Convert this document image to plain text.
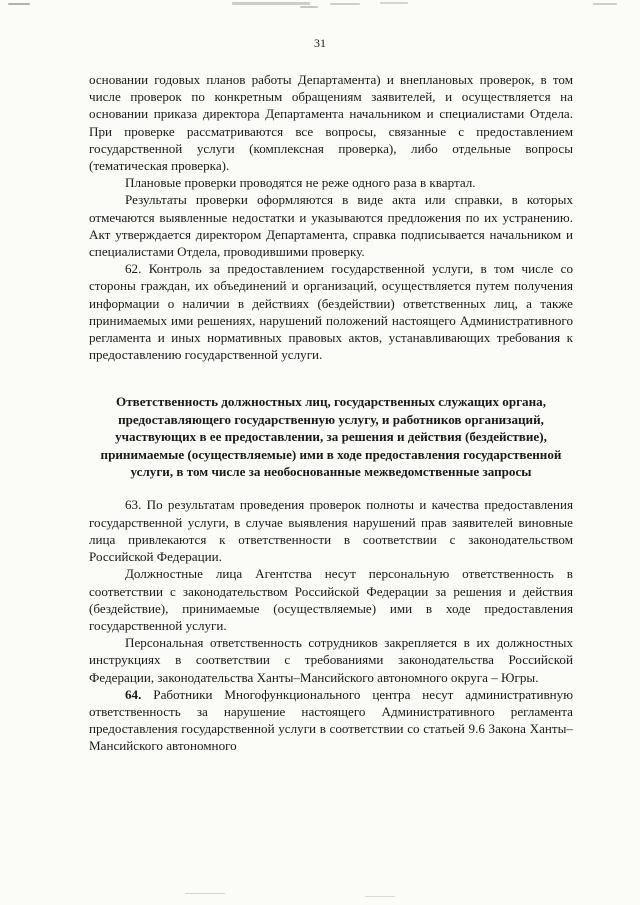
31

основании годовых планов работы Департамента) и внеплановых проверок, в том числе проверок по конкретным обращениям заявителей, и осуществляется на основании приказа директора Департамента начальником и специалистами Отдела. При проверке рассматриваются все вопросы, связанные с предоставлением государственной услуги (комплексная проверка), либо отдельные вопросы (тематическая проверка).

Плановые проверки проводятся не реже одного раза в квартал.

Результаты проверки оформляются в виде акта или справки, в которых отмечаются выявленные недостатки и указываются предложения по их устранению. Акт утверждается директором Департамента, справка подписывается начальником и специалистами Отдела, проводившими проверку.

62. Контроль за предоставлением государственной услуги, в том числе со стороны граждан, их объединений и организаций, осуществляется путем получения информации о наличии в действиях (бездействии) ответственных лиц, а также принимаемых ими решениях, нарушений положений настоящего Административного регламента и иных нормативных правовых актов, устанавливающих требования к предоставлению государственной услуги.

Ответственность должностных лиц, государственных служащих органа, предоставляющего государственную услугу, и работников организаций, участвующих в ее предоставлении, за решения и действия (бездействие), принимаемые (осуществляемые) ими в ходе предоставления государственной услуги, в том числе за необоснованные межведомственные запросы

63. По результатам проведения проверок полноты и качества предоставления государственной услуги, в случае выявления нарушений прав заявителей виновные лица привлекаются к ответственности в соответствии с законодательством Российской Федерации.

Должностные лица Агентства несут персональную ответственность в соответствии с законодательством Российской Федерации за решения и действия (бездействие), принимаемые (осуществляемые) ими в ходе предоставления государственной услуги.

Персональная ответственность сотрудников закрепляется в их должностных инструкциях в соответствии с требованиями законодательства Российской Федерации, законодательства Ханты–Мансийского автономного округа – Югры.

64. Работники Многофункционального центра несут административную ответственность за нарушение настоящего Административного регламента предоставления государственной услуги в соответствии со статьей 9.6 Закона Ханты–Мансийского автономного
